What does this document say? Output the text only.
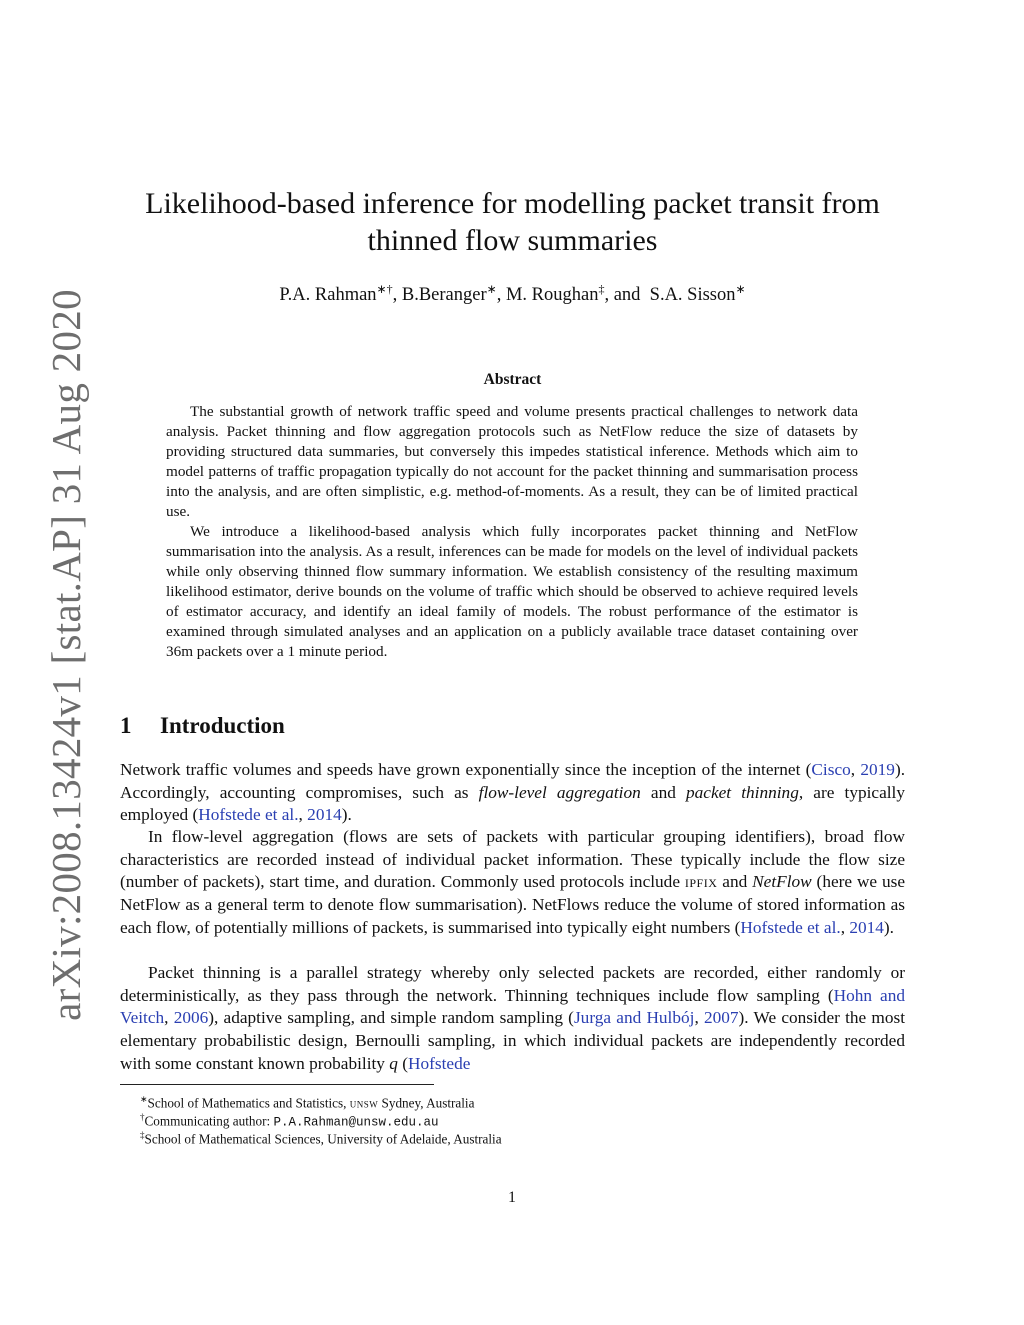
arXiv:2008.13424v1 [stat.AP] 31 Aug 2020
Likelihood-based inference for modelling packet transit from
thinned flow summaries
P.A. Rahman∗†, B.Beranger∗, M. Roughan‡, and S.A. Sisson∗
Abstract

The substantial growth of network traffic speed and volume presents practical challenges to network data analysis. Packet thinning and flow aggregation protocols such as NetFlow reduce the size of datasets by providing structured data summaries, but conversely this impedes statistical inference. Methods which aim to model patterns of traffic propagation typically do not account for the packet thinning and summarisation process into the analysis, and are often simplistic, e.g. method-of-moments. As a result, they can be of limited practical use.

We introduce a likelihood-based analysis which fully incorporates packet thinning and NetFlow summarisation into the analysis. As a result, inferences can be made for models on the level of individual packets while only observing thinned flow summary information. We establish consistency of the resulting maximum likelihood estimator, derive bounds on the volume of traffic which should be observed to achieve required levels of estimator accuracy, and identify an ideal family of models. The robust performance of the estimator is examined through simulated analyses and an application on a publicly available trace dataset containing over 36m packets over a 1 minute period.

1 Introduction

Network traffic volumes and speeds have grown exponentially since the inception of the internet (Cisco, 2019). Accordingly, accounting compromises, such as flow-level aggregation and packet thinning, are typically employed (Hofstede et al., 2014).

In flow-level aggregation (flows are sets of packets with particular grouping identifiers), broad flow characteristics are recorded instead of individual packet information. These typically include the flow size (number of packets), start time, and duration. Commonly used protocols include ipfix and NetFlow (here we use NetFlow as a general term to denote flow summarisation). NetFlows reduce the volume of stored information as each flow, of potentially millions of packets, is summarised into typically eight numbers (Hofstede et al., 2014).

Packet thinning is a parallel strategy whereby only selected packets are recorded, either randomly or deterministically, as they pass through the network. Thinning techniques include flow sampling (Hohn and Veitch, 2006), adaptive sampling, and simple random sampling (Jurga and Hulbój, 2007). We consider the most elementary probabilistic design, Bernoulli sampling, in which individual packets are independently recorded with some constant known probability q (Hofstede

∗School of Mathematics and Statistics, unsw Sydney, Australia
†Communicating author: P.A.Rahman@unsw.edu.au
‡School of Mathematical Sciences, University of Adelaide, Australia
1
